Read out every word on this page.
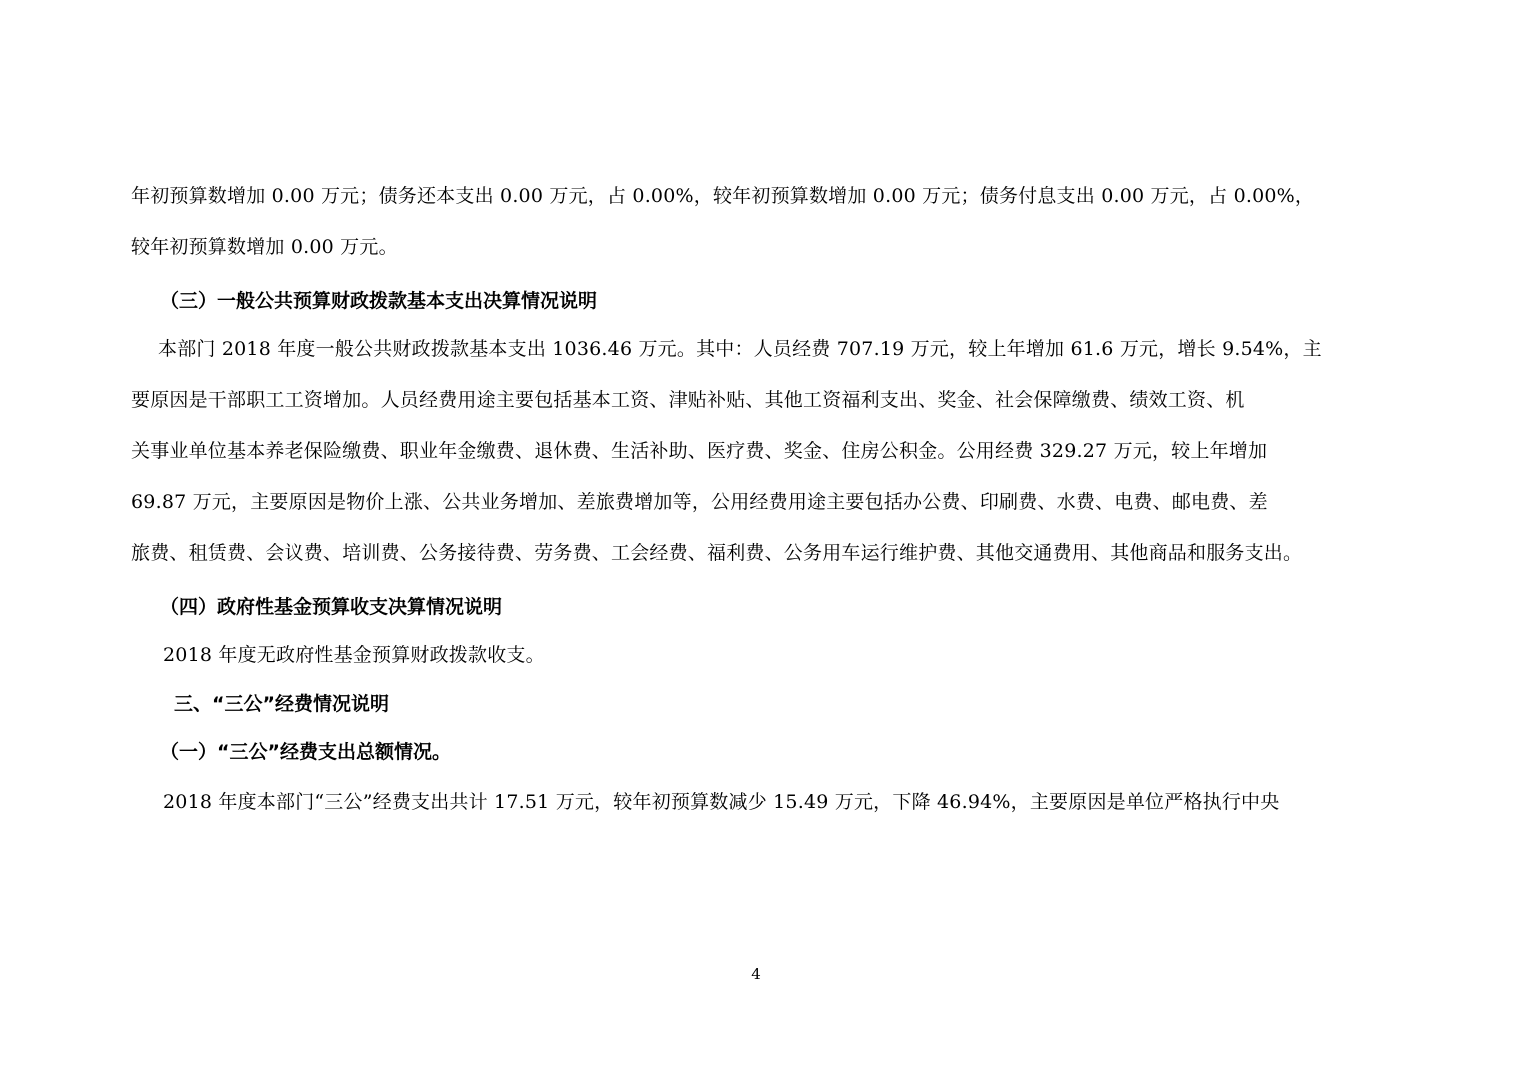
年初预算数增加 0.00 万元；债务还本支出 0.00 万元，占 0.00%，较年初预算数增加 0.00 万元；债务付息支出 0.00 万元，占 0.00%，
较年初预算数增加 0.00 万元。
（三）一般公共预算财政拨款基本支出决算情况说明
本部门 2018 年度一般公共财政拨款基本支出 1036.46 万元。其中：人员经费 707.19 万元，较上年增加 61.6 万元，增长 9.54%，主
要原因是干部职工工资增加。人员经费用途主要包括基本工资、津贴补贴、其他工资福利支出、奖金、社会保障缴费、绩效工资、机
关事业单位基本养老保险缴费、职业年金缴费、退休费、生活补助、医疗费、奖金、住房公积金。公用经费 329.27 万元，较上年增加
69.87 万元，主要原因是物价上涨、公共业务增加、差旅费增加等，公用经费用途主要包括办公费、印刷费、水费、电费、邮电费、差
旅费、租赁费、会议费、培训费、公务接待费、劳务费、工会经费、福利费、公务用车运行维护费、其他交通费用、其他商品和服务支出。
（四）政府性基金预算收支决算情况说明
2018 年度无政府性基金预算财政拨款收支。
三、“三公”经费情况说明
（一）“三公”经费支出总额情况。
2018 年度本部门“三公”经费支出共计 17.51 万元，较年初预算数减少 15.49 万元，下降 46.94%，主要原因是单位严格执行中央
4
